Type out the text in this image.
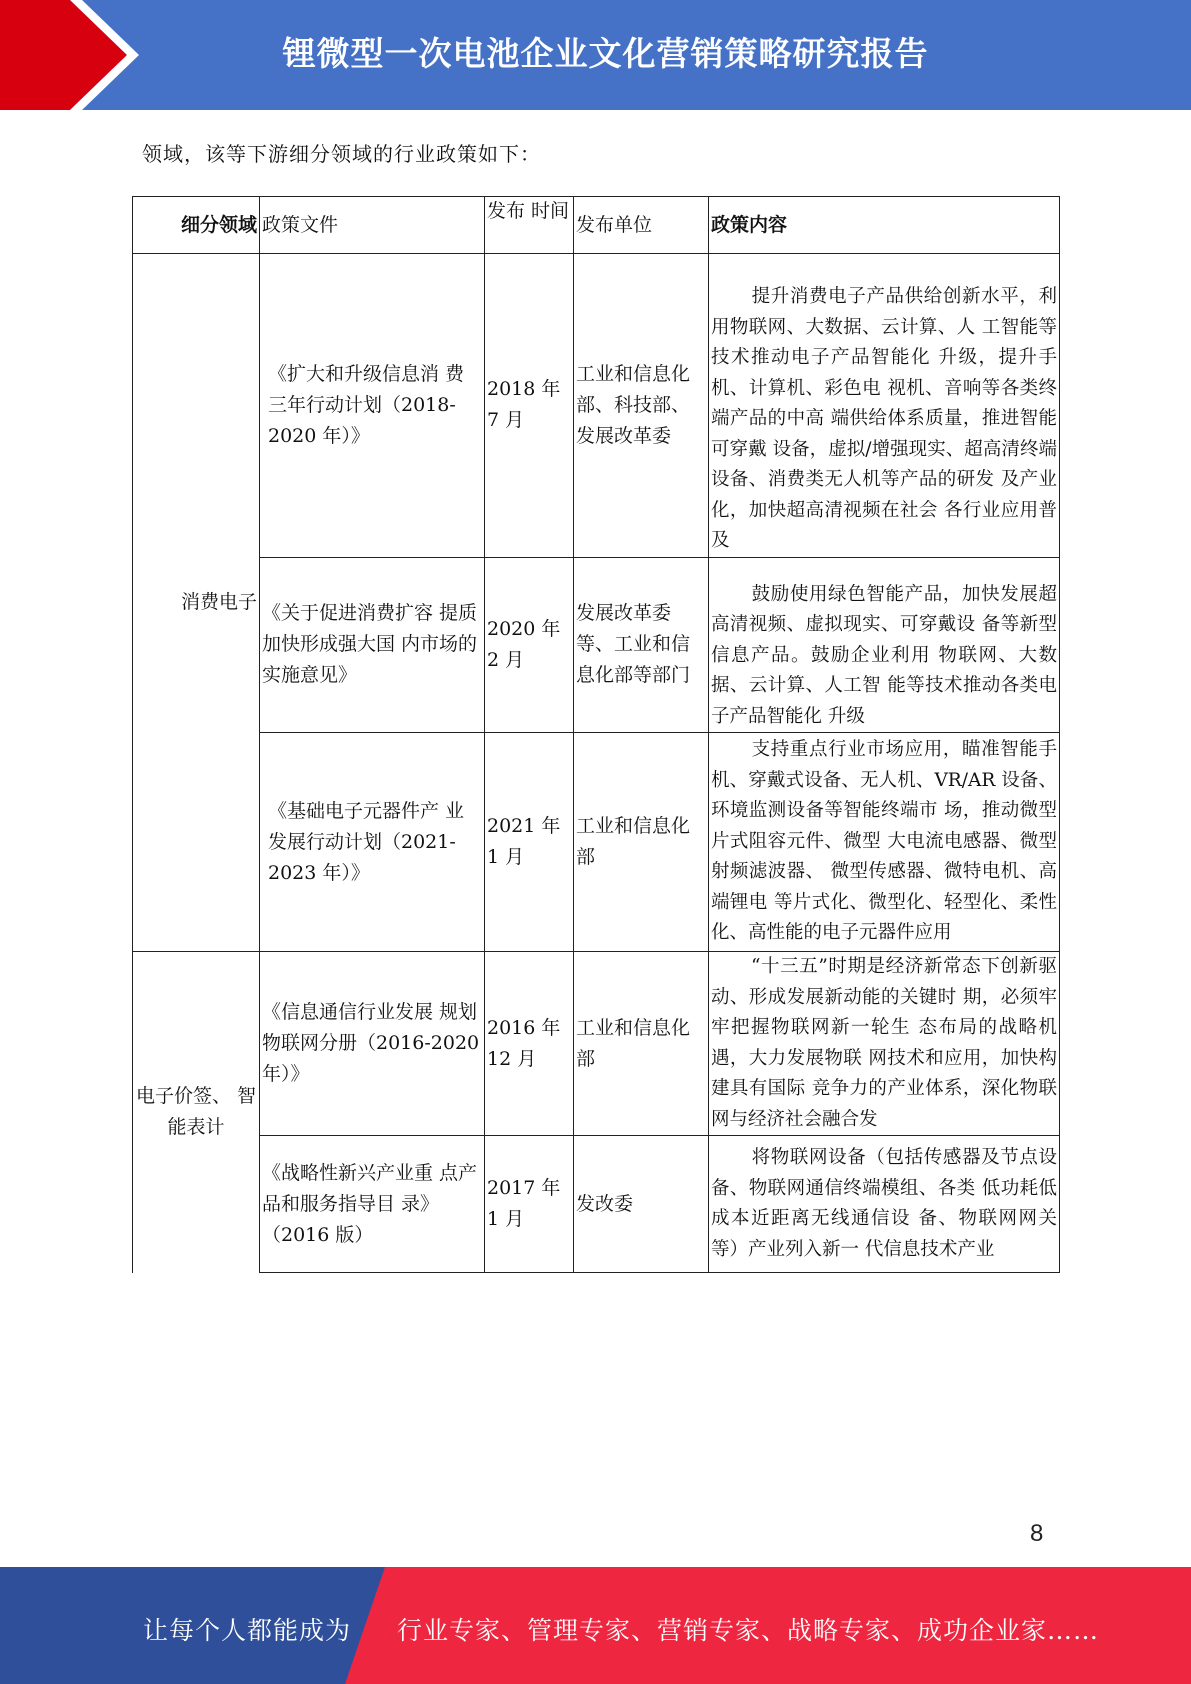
锂微型一次电池企业文化营销策略研究报告
领域，该等下游细分领域的行业政策如下：
细分领域	政策文件	发布 时间	发布单位	政策内容
消费电子	《扩大和升级信息消 费三年行动计划（2018-2020 年）》	2018 年 7 月	工业和信息化部、科技部、发展改革委	提升消费电子产品供给创新水平，利用物联网、大数据、云计算、人 工智能等技术推动电子产品智能化 升级，提升手机、计算机、彩色电 视机、音响等各类终端产品的中高 端供给体系质量，推进智能可穿戴 设备，虚拟/增强现实、超高清终端 设备、消费类无人机等产品的研发 及产业化，加快超高清视频在社会 各行业应用普及
	《关于促进消费扩容 提质加快形成强大国 内市场的实施意见》	2020 年 2 月	发展改革委等、工业和信息化部等部门	鼓励使用绿色智能产品，加快发展超高清视频、虚拟现实、可穿戴设 备等新型信息产品。鼓励企业利用 物联网、大数据、云计算、人工智 能等技术推动各类电子产品智能化 升级
	《基础电子元器件产 业发展行动计划（2021-2023 年）》	2021 年 1 月	工业和信息化部	支持重点行业市场应用，瞄准智能手机、穿戴式设备、无人机、VR/AR 设备、环境监测设备等智能终端市 场，推动微型片式阻容元件、微型 大电流电感器、微型射频滤波器、 微型传感器、微特电机、高端锂电 等片式化、微型化、轻型化、柔性 化、高性能的电子元器件应用
电子价签、 智能表计	《信息通信行业发展 规划物联网分册（2016-2020 年）》	2016 年 12 月	工业和信息化部	“十三五”时期是经济新常态下创新驱动、形成发展新动能的关键时 期，必须牢牢把握物联网新一轮生 态布局的战略机遇，大力发展物联 网技术和应用，加快构建具有国际 竞争力的产业体系，深化物联网与经济社会融合发
	《战略性新兴产业重 点产品和服务指导目 录》（2016 版）	2017 年 1 月	发改委	将物联网设备（包括传感器及节点设备、物联网通信终端模组、各类 低功耗低成本近距离无线通信设 备、物联网网关等）产业列入新一 代信息技术产业
8
让每个人都能成为 行业专家、管理专家、营销专家、战略专家、成功企业家……
